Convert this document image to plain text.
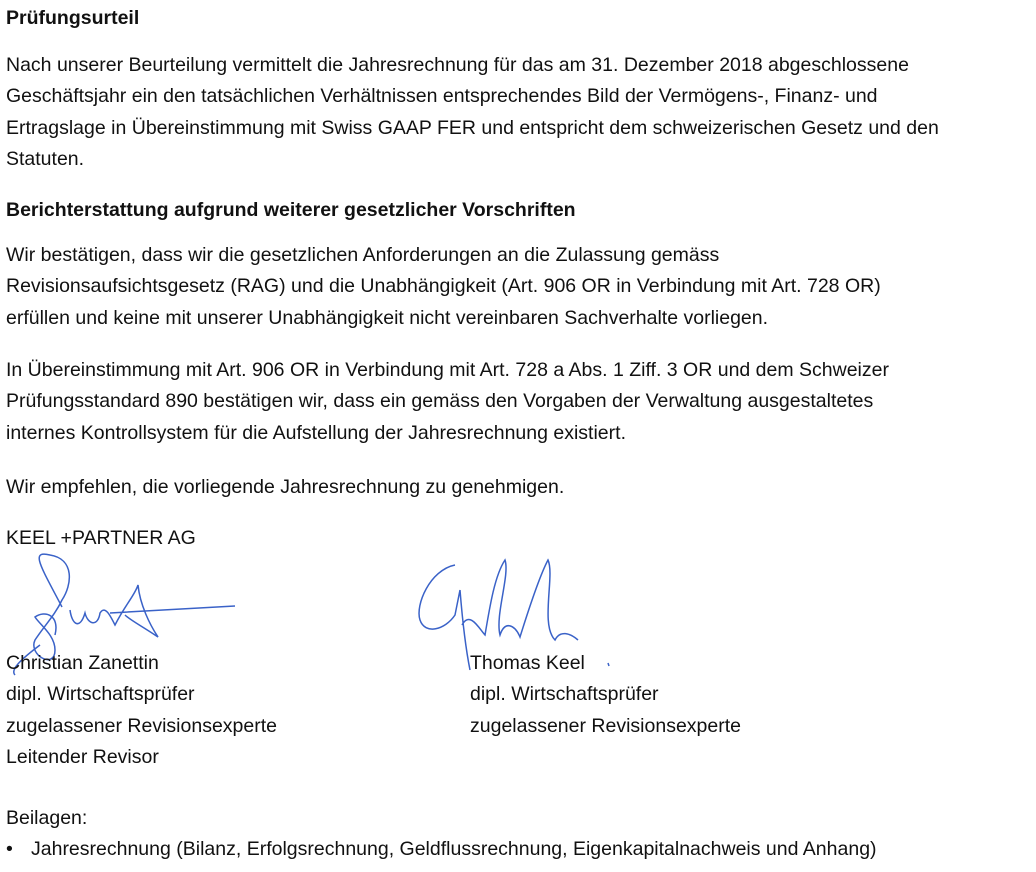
Prüfungsurteil
Nach unserer Beurteilung vermittelt die Jahresrechnung für das am 31. Dezember 2018 abgeschlossene
Geschäftsjahr ein den tatsächlichen Verhältnissen entsprechendes Bild der Vermögens-, Finanz- und
Ertragslage in Übereinstimmung mit Swiss GAAP FER und entspricht dem schweizerischen Gesetz und den
Statuten.
Berichterstattung aufgrund weiterer gesetzlicher Vorschriften
Wir bestätigen, dass wir die gesetzlichen Anforderungen an die Zulassung gemäss
Revisionsaufsichtsgesetz (RAG) und die Unabhängigkeit (Art. 906 OR in Verbindung mit Art. 728 OR)
erfüllen und keine mit unserer Unabhängigkeit nicht vereinbaren Sachverhalte vorliegen.
In Übereinstimmung mit Art. 906 OR in Verbindung mit Art. 728 a Abs. 1 Ziff. 3 OR und dem Schweizer
Prüfungsstandard 890 bestätigen wir, dass ein gemäss den Vorgaben der Verwaltung ausgestaltetes
internes Kontrollsystem für die Aufstellung der Jahresrechnung existiert.
Wir empfehlen, die vorliegende Jahresrechnung zu genehmigen.
KEEL +PARTNER AG
Christian Zanettin
dipl. Wirtschaftsprüfer
zugelassener Revisionsexperte
Leitender Revisor
Thomas Keel
dipl. Wirtschaftsprüfer
zugelassener Revisionsexperte
Beilagen:
• Jahresrechnung (Bilanz, Erfolgsrechnung, Geldflussrechnung, Eigenkapitalnachweis und Anhang)
